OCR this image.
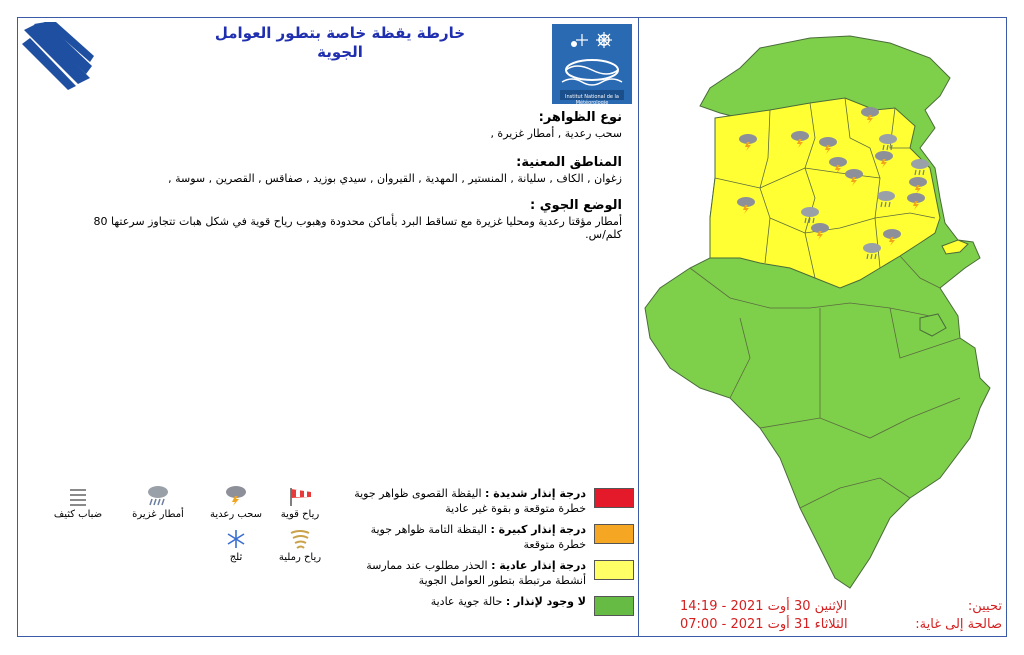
خارطة يقظة خاصة بتطور العوامل
الجوية
Institut National de la Météorologie
نوع الظواهر:
سحب رعدية , أمطار غزيرة ,
المناطق المعنية:
زغوان , الكاف , سليانة , المنستير , المهدية , القيروان , سيدي بوزيد , صفاقس , القصرين , سوسة ,
الوضع الجوي :
أمطار مؤقتا رعدية ومحليا غزيرة مع تساقط البرد بأماكن محدودة وهبوب رياح قوية في شكل هبات تتجاوز سرعتها 80 كلم/س.
درجة إنذار شديدة : اليقظة القصوى ظواهر جوية خطرة متوقعة و بقوة غير عادية
درجة إنذار كبيرة : اليقظة التامة ظواهر جوية خطرة متوقعة
درجة إنذار عادية : الحذر مطلوب عند ممارسة أنشطة مرتبطة بتطور العوامل الجوية
لا وجود لإنذار : حالة جوية عادية
ضباب كثيف	أمطار غزيرة	سحب رعدية	رياح قوية
ثلج	رياح رملية
تحيين:
الإثنين 30 أوت 2021 - 14:19
صالحة إلى غاية:
الثلاثاء 31 أوت 2021 - 07:00
